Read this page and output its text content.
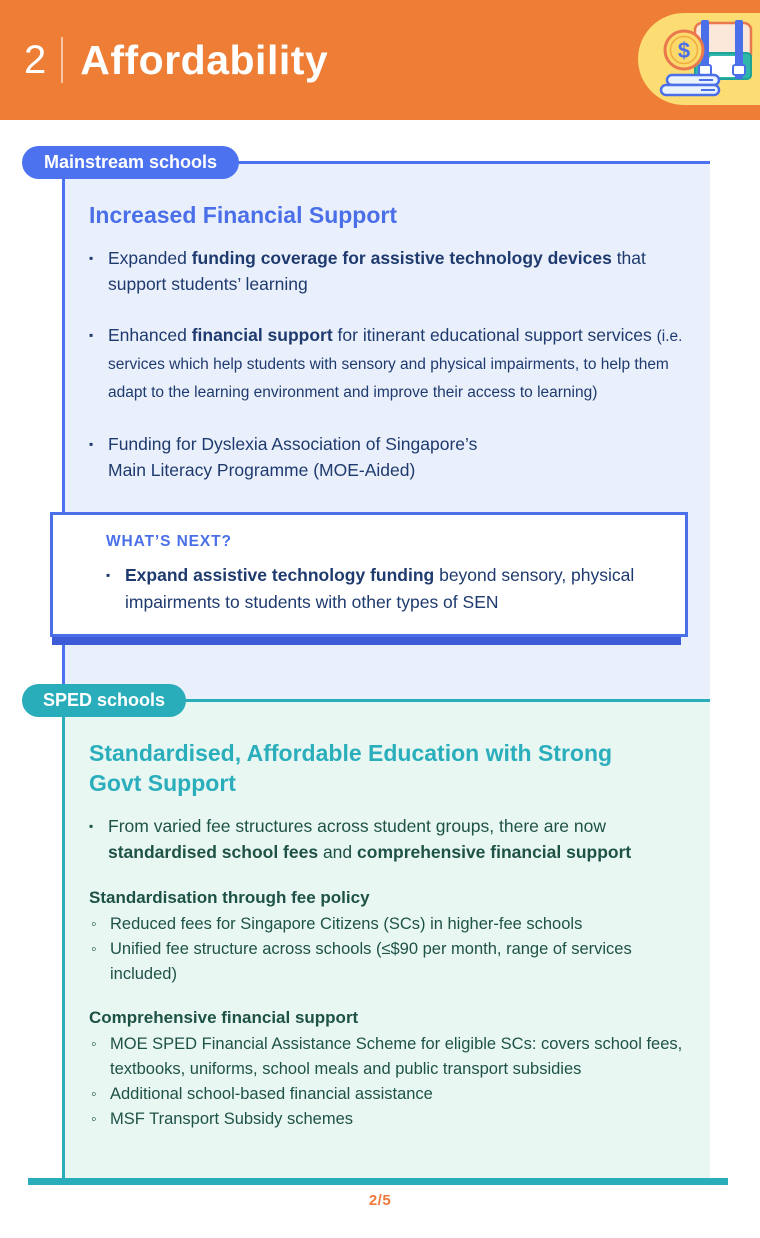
2 Affordability	$
Mainstream schools
Increased Financial Support
▪ Expanded funding coverage for assistive technology devices that support students’ learning
▪ Enhanced financial support for itinerant educational support services (i.e. services which help students with sensory and physical impairments, to help them adapt to the learning environment and improve their access to learning)
▪ Funding for Dyslexia Association of Singapore’s
Main Literacy Programme (MOE-Aided)
WHAT’S NEXT?
▪ Expand assistive technology funding beyond sensory, physical impairments to students with other types of SEN
SPED schools
Standardised, Affordable Education with Strong Govt Support
▪ From varied fee structures across student groups, there are now standardised school fees and comprehensive financial support
Standardisation through fee policy
◦ Reduced fees for Singapore Citizens (SCs) in higher-fee schools
◦ Unified fee structure across schools (≤$90 per month, range of services included)
Comprehensive financial support
◦ MOE SPED Financial Assistance Scheme for eligible SCs: covers school fees, textbooks, uniforms, school meals and public transport subsidies
◦ Additional school-based financial assistance
◦ MSF Transport Subsidy schemes
2/5
